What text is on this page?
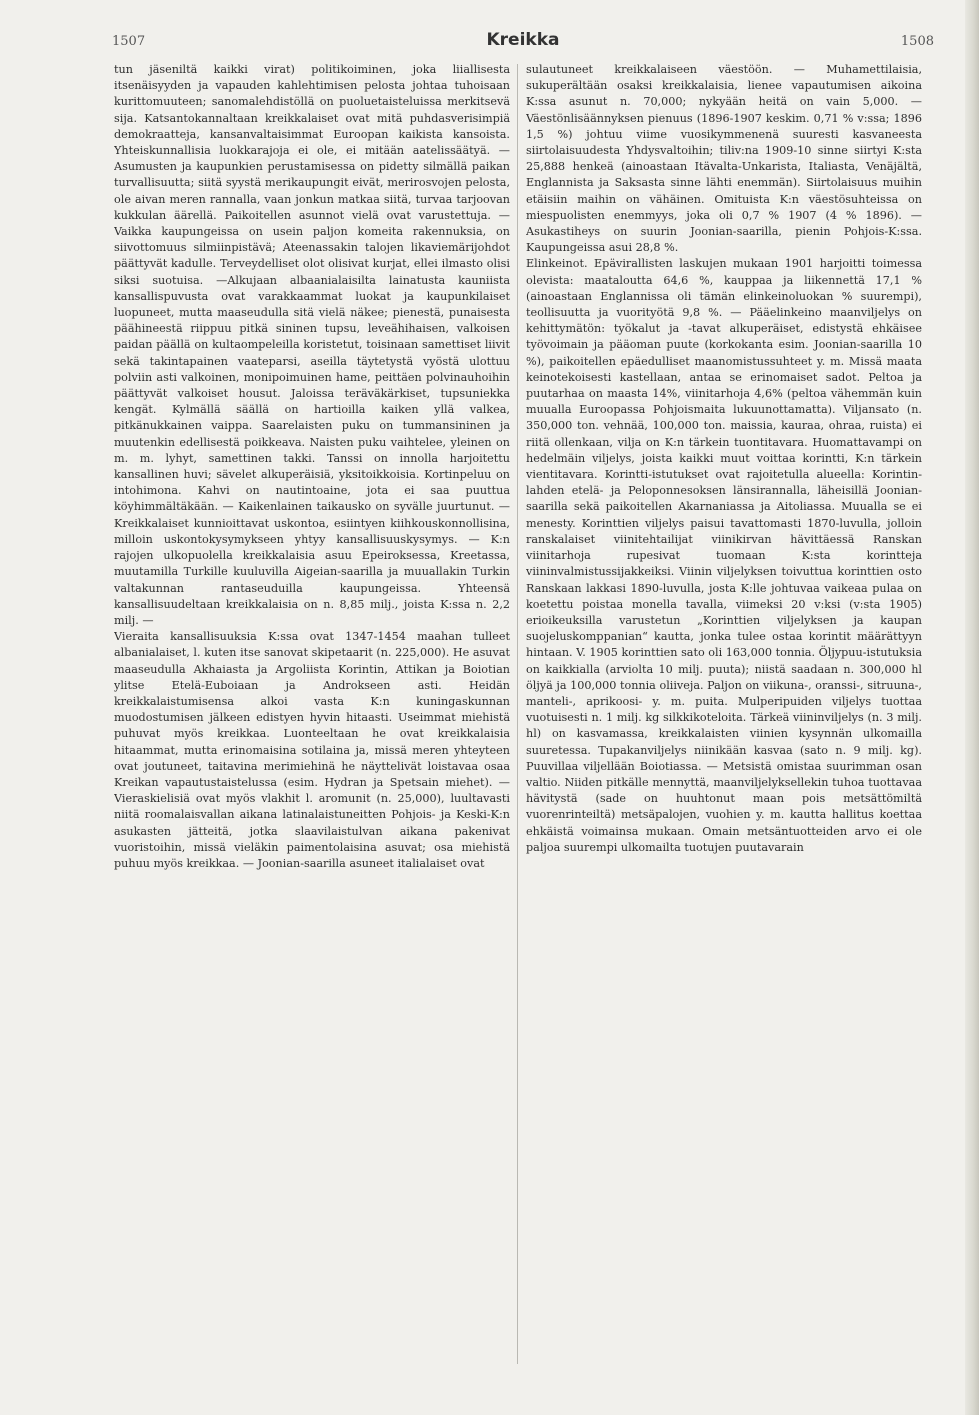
1507	Kreikka	1508

tun jäseniltä kaikki virat) politikoiminen, joka liiallisesta itsenäisyyden ja vapauden kahlehtimisen pelosta johtaa tuhoisaan kurittomuuteen; sanomalehdistöllä on puoluetaisteluissa merkitsevä sija. Katsantokannaltaan kreikkalaiset ovat mitä puhdasverisimpiä demokraatteja, kansanvaltaisimmat Euroopan kaikista kansoista. Yhteiskunnallisia luokkarajoja ei ole, ei mitään aatelissäätyä. — Asumusten ja kaupunkien perustamisessa on pidetty silmällä paikan turvallisuutta; siitä syystä merikaupungit eivät, merirosvojen pelosta, ole aivan meren rannalla, vaan jonkun matkaa siitä, turvaa tarjoovan kukkulan äärellä. Paikoitellen asunnot vielä ovat varustettuja. — Vaikka kaupungeissa on usein paljon komeita rakennuksia, on siivottomuus silmiinpistävä; Ateenassakin talojen likaviemärijohdot päättyvät kadulle. Terveydelliset olot olisivat kurjat, ellei ilmasto olisi siksi suotuisa. —Alkujaan albaanialaisilta lainatusta kauniista kansallispuvusta ovat varakkaammat luokat ja kaupunkilaiset luopuneet, mutta maaseudulla sitä vielä näkee; pienestä, punaisesta päähineestä riippuu pitkä sininen tupsu, leveähihaisen, valkoisen paidan päällä on kultaompeleilla koristetut, toisinaan samettiset liivit sekä takintapainen vaateparsi, aseilla täytetystä vyöstä ulottuu polviin asti valkoinen, monipoimuinen hame, peittäen polvinauhoihin päättyvät valkoiset housut. Jaloissa teräväkärkiset, tupsuniekka kengät. Kylmällä säällä on hartioilla kaiken yllä valkea, pitkänukkainen vaippa. Saarelaisten puku on tummansininen ja muutenkin edellisestä poikkeava. Naisten puku vaihtelee, yleinen on m. m. lyhyt, samettinen takki. Tanssi on innolla harjoitettu kansallinen huvi; sävelet alkuperäisiä, yksitoikkoisia. Kortinpeluu on intohimona. Kahvi on nautintoaine, jota ei saa puuttua köyhimmältäkään. — Kaikenlainen taikausko on syvälle juurtunut. — Kreikkalaiset kunnioittavat uskontoa, esiintyen kiihkouskonnollisina, milloin uskontokysymykseen yhtyy kansallisuuskysymys. — K:n rajojen ulkopuolella kreikkalaisia asuu Epeiroksessa, Kreetassa, muutamilla Turkille kuuluvilla Aigeian-saarilla ja muuallakin Turkin valtakunnan rantaseuduilla kaupungeissa. Yhteensä kansallisuudeltaan kreikkalaisia on n. 8,85 milj., joista K:ssa n. 2,2 milj. —

Vieraita kansallisuuksia K:ssa ovat 1347-1454 maahan tulleet albanialaiset, l. kuten itse sanovat skipetaarit (n. 225,000). He asuvat maaseudulla Akhaiasta ja Argoliista Korintin, Attikan ja Boiotian ylitse Etelä-Euboiaan ja Androkseen asti. Heidän kreikkalaistumisensa alkoi vasta K:n kuningaskunnan muodostumisen jälkeen edistyen hyvin hitaasti. Useimmat miehistä puhuvat myös kreikkaa. Luonteeltaan he ovat kreikkalaisia hitaammat, mutta erinomaisina sotilaina ja, missä meren yhteyteen ovat joutuneet, taitavina merimiehinä he näyttelivät loistavaa osaa Kreikan vapautustaistelussa (esim. Hydran ja Spetsain miehet). — Vieraskielisiä ovat myös vlakhit l. aromunit (n. 25,000), luultavasti niitä roomalaisvallan aikana latinalaistuneitten Pohjois- ja Keski-K:n asukasten jätteitä, jotka slaavilaistulvan aikana pakenivat vuoristoihin, missä vieläkin paimentolaisina asuvat; osa miehistä puhuu myös kreikkaa. — Joonian-saarilla asuneet italialaiset ovat

sulautuneet kreikkalaiseen väestöön. — Muhamettilaisia, sukuperältään osaksi kreikkalaisia, lienee vapautumisen aikoina K:ssa asunut n. 70,000; nykyään heitä on vain 5,000. — Väestönlisäännyksen pienuus (1896-1907 keskim. 0,71 % v:ssa; 1896 1,5 %) johtuu viime vuosikymmenenä suuresti kasvaneesta siirtolaisuudesta Yhdysvaltoihin; tiliv:na 1909-10 sinne siirtyi K:sta 25,888 henkeä (ainoastaan Itävalta-Unkarista, Italiasta, Venäjältä, Englannista ja Saksasta sinne lähti enemmän). Siirtolaisuus muihin etäisiin maihin on vähäinen. Omituista K:n väestösuhteissa on miespuolisten enemmyys, joka oli 0,7 % 1907 (4 % 1896). — Asukastiheys on suurin Joonian-saarilla, pienin Pohjois-K:ssa. Kaupungeissa asui 28,8 %.

Elinkeinot. Epävirallisten laskujen mukaan 1901 harjoitti toimessa olevista: maataloutta 64,6 %, kauppaa ja liikennettä 17,1 % (ainoastaan Englannissa oli tämän elinkeinoluokan % suurempi), teollisuutta ja vuorityötä 9,8 %. — Pääelinkeino maanviljelys on kehittymätön: työkalut ja -tavat alkuperäiset, edistystä ehkäisee työvoimain ja pääoman puute (korkokanta esim. Joonian-saarilla 10 %), paikoitellen epäedulliset maanomistussuhteet y. m. Missä maata keinotekoisesti kastellaan, antaa se erinomaiset sadot. Peltoa ja puutarhaa on maasta 14%, viinitarhoja 4,6% (peltoa vähemmän kuin muualla Euroopassa Pohjoismaita lukuunottamatta). Viljansato (n. 350,000 ton. vehnää, 100,000 ton. maissia, kauraa, ohraa, ruista) ei riitä ollenkaan, vilja on K:n tärkein tuontitavara. Huomattavampi on hedelmäin viljelys, joista kaikki muut voittaa korintti, K:n tärkein vientitavara. Korintti-istutukset ovat rajoitetulla alueella: Korintin-lahden etelä- ja Peloponnesoksen länsirannalla, läheisillä Joonian-saarilla sekä paikoitellen Akarnaniassa ja Aitoliassa. Muualla se ei menesty. Korinttien viljelys paisui tavattomasti 1870-luvulla, jolloin ranskalaiset viinitehtailijat viinikirvan hävittäessä Ranskan viinitarhoja rupesivat tuomaan K:sta korintteja viininvalmistussijakkeiksi. Viinin viljelyksen toivuttua korinttien osto Ranskaan lakkasi 1890-luvulla, josta K:lle johtuvaa vaikeaa pulaa on koetettu poistaa monella tavalla, viimeksi 20 v:ksi (v:sta 1905) erioikeuksilla varustetun „Korinttien viljelyksen ja kaupan suojeluskomppanian“ kautta, jonka tulee ostaa korintit määrättyyn hintaan. V. 1905 korinttien sato oli 163,000 tonnia. Öljypuu-istutuksia on kaikkialla (arviolta 10 milj. puuta); niistä saadaan n. 300,000 hl öljyä ja 100,000 tonnia oliiveja. Paljon on viikuna-, oranssi-, sitruuna-, manteli-, aprikoosi- y. m. puita. Mulperipuiden viljelys tuottaa vuotuisesti n. 1 milj. kg silkkikoteloita. Tärkeä viininviljelys (n. 3 milj. hl) on kasvamassa, kreikkalaisten viinien kysynnän ulkomailla suuretessa. Tupakanviljelys niinikään kasvaa (sato n. 9 milj. kg). Puuvillaa viljellään Boiotiassa. — Metsistä omistaa suurimman osan valtio. Niiden pitkälle mennyttä, maanviljelyksellekin tuhoa tuottavaa hävitystä (sade on huuhtonut maan pois metsättömiltä vuorenrinteiltä) metsäpalojen, vuohien y. m. kautta hallitus koettaa ehkäistä voimainsa mukaan. Omain metsäntuotteiden arvo ei ole paljoa suurempi ulkomailta tuotujen puutavarain
